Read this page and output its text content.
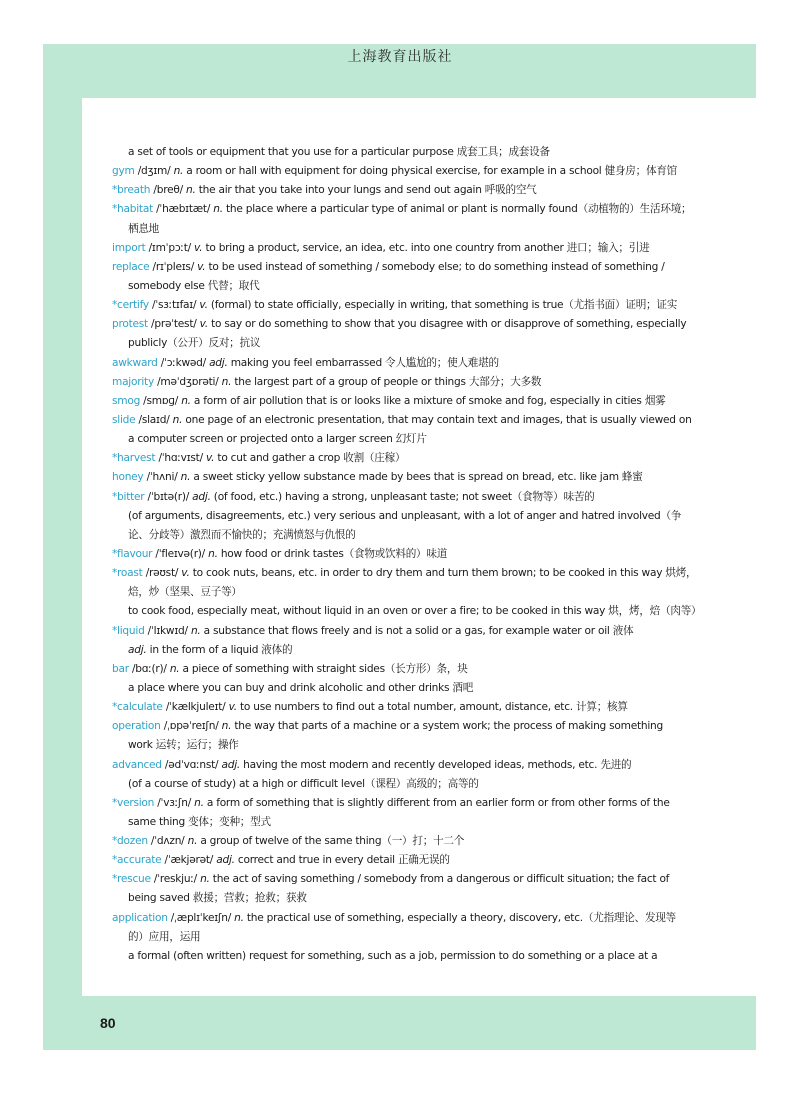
上海教育出版社
a set of tools or equipment that you use for a particular purpose 成套工具；成套设备
gym /dʒɪm/ n. a room or hall with equipment for doing physical exercise, for example in a school 健身房；体育馆
*breath /breθ/ n. the air that you take into your lungs and send out again 呼吸的空气
*habitat /ˈhæbɪtæt/ n. the place where a particular type of animal or plant is normally found（动植物的）生活环境；
栖息地
import /ɪmˈpɔːt/ v. to bring a product, service, an idea, etc. into one country from another 进口；输入；引进
replace /rɪˈpleɪs/ v. to be used instead of something / somebody else; to do something instead of something /
somebody else 代替；取代
*certify /ˈsɜːtɪfaɪ/ v. (formal) to state officially, especially in writing, that something is true（尤指书面）证明；证实
protest /prəˈtest/ v. to say or do something to show that you disagree with or disapprove of something, especially
publicly（公开）反对；抗议
awkward /ˈɔːkwəd/ adj. making you feel embarrassed 令人尴尬的；使人难堪的
majority /məˈdʒɒrəti/ n. the largest part of a group of people or things 大部分；大多数
smog /smɒɡ/ n. a form of air pollution that is or looks like a mixture of smoke and fog, especially in cities 烟雾
slide /slaɪd/ n. one page of an electronic presentation, that may contain text and images, that is usually viewed on
a computer screen or projected onto a larger screen 幻灯片
*harvest /ˈhɑːvɪst/ v. to cut and gather a crop 收割（庄稼）
honey /ˈhʌni/ n. a sweet sticky yellow substance made by bees that is spread on bread, etc. like jam 蜂蜜
*bitter /ˈbɪtə(r)/ adj. (of food, etc.) having a strong, unpleasant taste; not sweet（食物等）味苦的
(of arguments, disagreements, etc.) very serious and unpleasant, with a lot of anger and hatred involved（争
论、分歧等）激烈而不愉快的；充满愤怒与仇恨的
*flavour /ˈfleɪvə(r)/ n. how food or drink tastes（食物或饮料的）味道
*roast /rəʊst/ v. to cook nuts, beans, etc. in order to dry them and turn them brown; to be cooked in this way 烘烤，
焙，炒（坚果、豆子等）
to cook food, especially meat, without liquid in an oven or over a fire; to be cooked in this way 烘，烤，焙（肉等）
*liquid /ˈlɪkwɪd/ n. a substance that flows freely and is not a solid or a gas, for example water or oil 液体
adj. in the form of a liquid 液体的
bar /bɑː(r)/ n. a piece of something with straight sides（长方形）条，块
a place where you can buy and drink alcoholic and other drinks 酒吧
*calculate /ˈkælkjuleɪt/ v. to use numbers to find out a total number, amount, distance, etc. 计算；核算
operation /ˌɒpəˈreɪʃn/ n. the way that parts of a machine or a system work; the process of making something
work 运转；运行；操作
advanced /ədˈvɑːnst/ adj. having the most modern and recently developed ideas, methods, etc. 先进的
(of a course of study) at a high or difficult level（课程）高级的；高等的
*version /ˈvɜːʃn/ n. a form of something that is slightly different from an earlier form or from other forms of the
same thing 变体；变种；型式
*dozen /ˈdʌzn/ n. a group of twelve of the same thing（一）打；十二个
*accurate /ˈækjərət/ adj. correct and true in every detail 正确无误的
*rescue /ˈreskjuː/ n. the act of saving something / somebody from a dangerous or difficult situation; the fact of
being saved 救援；营救；抢救；获救
application /ˌæplɪˈkeɪʃn/ n. the practical use of something, especially a theory, discovery, etc.（尤指理论、发现等
的）应用，运用
a formal (often written) request for something, such as a job, permission to do something or a place at a
80
